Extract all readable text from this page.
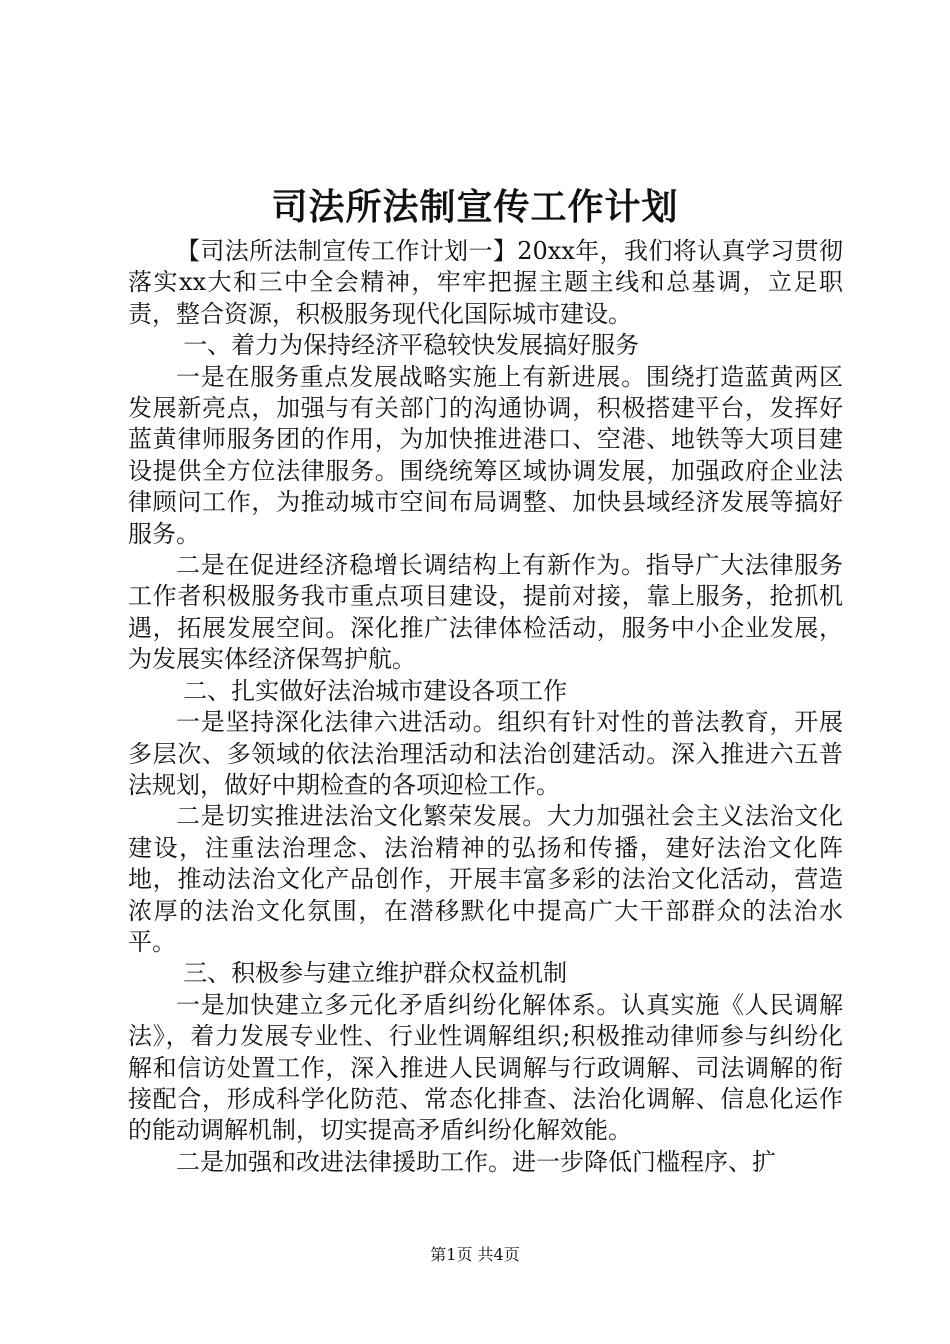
司法所法制宣传工作计划

【司法所法制宣传工作计划一】20xx年，我们将认真学习贯彻落实xx大和三中全会精神，牢牢把握主题主线和总基调，立足职责，整合资源，积极服务现代化国际城市建设。

一、着力为保持经济平稳较快发展搞好服务

一是在服务重点发展战略实施上有新进展。围绕打造蓝黄两区发展新亮点，加强与有关部门的沟通协调，积极搭建平台，发挥好蓝黄律师服务团的作用，为加快推进港口、空港、地铁等大项目建设提供全方位法律服务。围绕统筹区域协调发展，加强政府企业法律顾问工作，为推动城市空间布局调整、加快县域经济发展等搞好服务。

二是在促进经济稳增长调结构上有新作为。指导广大法律服务工作者积极服务我市重点项目建设，提前对接，靠上服务，抢抓机遇，拓展发展空间。深化推广法律体检活动，服务中小企业发展，为发展实体经济保驾护航。

二、扎实做好法治城市建设各项工作

一是坚持深化法律六进活动。组织有针对性的普法教育，开展多层次、多领域的依法治理活动和法治创建活动。深入推进六五普法规划，做好中期检查的各项迎检工作。

二是切实推进法治文化繁荣发展。大力加强社会主义法治文化建设，注重法治理念、法治精神的弘扬和传播，建好法治文化阵地，推动法治文化产品创作，开展丰富多彩的法治文化活动，营造浓厚的法治文化氛围，在潜移默化中提高广大干部群众的法治水平。

三、积极参与建立维护群众权益机制

一是加快建立多元化矛盾纠纷化解体系。认真实施《人民调解法》，着力发展专业性、行业性调解组织;积极推动律师参与纠纷化解和信访处置工作，深入推进人民调解与行政调解、司法调解的衔接配合，形成科学化防范、常态化排查、法治化调解、信息化运作的能动调解机制，切实提高矛盾纠纷化解效能。

二是加强和改进法律援助工作。进一步降低门槛程序、扩

第1页 共4页
